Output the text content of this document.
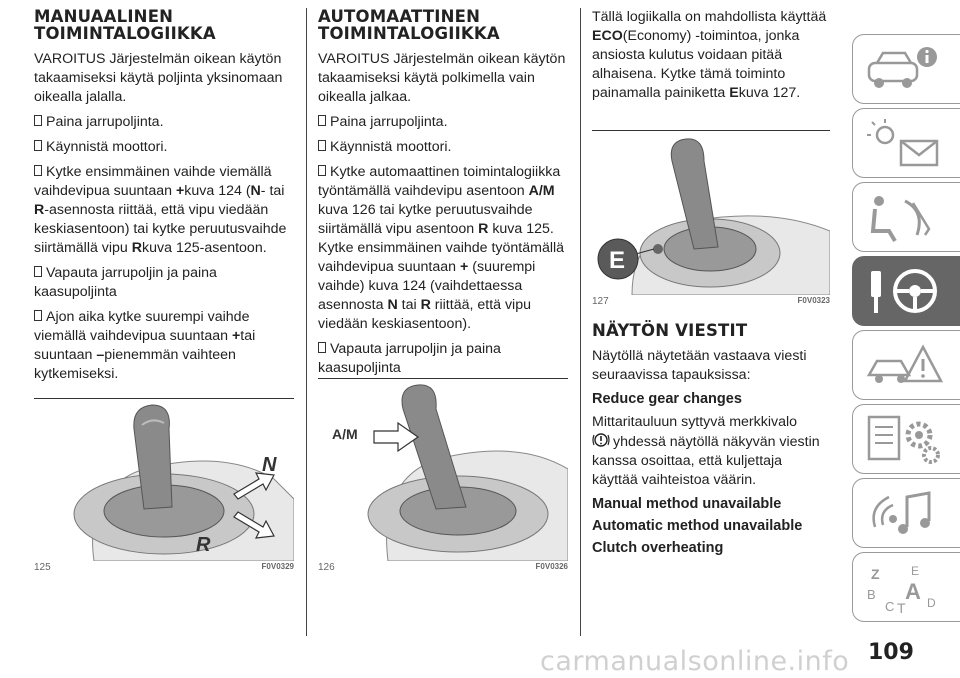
MANUAALINEN TOIMINTALOGIIKKA

VAROITUS Järjestelmän oikean käytön takaamiseksi käytä poljinta yksinomaan oikealla jalalla.

Paina jarrupoljinta.

Käynnistä moottori.

Kytke ensimmäinen vaihde viemällä vaihdevipua suuntaan +kuva 124 (N- tai R-asennosta riittää, että vipu viedään keskiasentoon) tai kytke peruutusvaihde siirtämällä vipu Rkuva 125-asentoon.

Vapauta jarrupoljin ja paina kaasupoljinta

Ajon aika kytke suurempi vaihde viemällä vaihdevipua suuntaan +tai suuntaan –pienemmän vaihteen kytkemiseksi.

N
R
125	F0V0329
AUTOMAATTINEN TOIMINTALOGIIKKA

VAROITUS Järjestelmän oikean käytön takaamiseksi käytä polkimella vain oikealla jalkaa.

Paina jarrupoljinta.

Käynnistä moottori.

Kytke automaattinen toimintalogiikka työntämällä vaihdevipu asentoon A/M kuva 126 tai kytke peruutusvaihde siirtämällä vipu asentoon R kuva 125. Kytke ensimmäinen vaihde työntämällä vaihdevipua suuntaan + (suurempi vaihde) kuva 124 (vaihdettaessa asennosta N tai R riittää, että vipu viedään keskiasentoon).

Vapauta jarrupoljin ja paina kaasupoljinta

A/M
126	F0V0326

Tällä logiikalla on mahdollista käyttää ECO(Economy) -toimintoa, jonka ansiosta kulutus voidaan pitää alhaisena. Kytke tämä toiminto painamalla painiketta Ekuva 127.

E
127	F0V0323
NÄYTÖN VIESTIT

Näytöllä näytetään vastaava viesti seuraavissa tapauksissa:

Reduce gear changes

Mittaritauluun syttyvä merkkivalo
yhdessä näytöllä näkyvän viestin kanssa osoittaa, että kuljettaja käyttää vaihteistoa väärin.

Manual method unavailable
Automatic method unavailable
Clutch overheating
Z	E
B A
C T D
109
carmanualsonline.info
